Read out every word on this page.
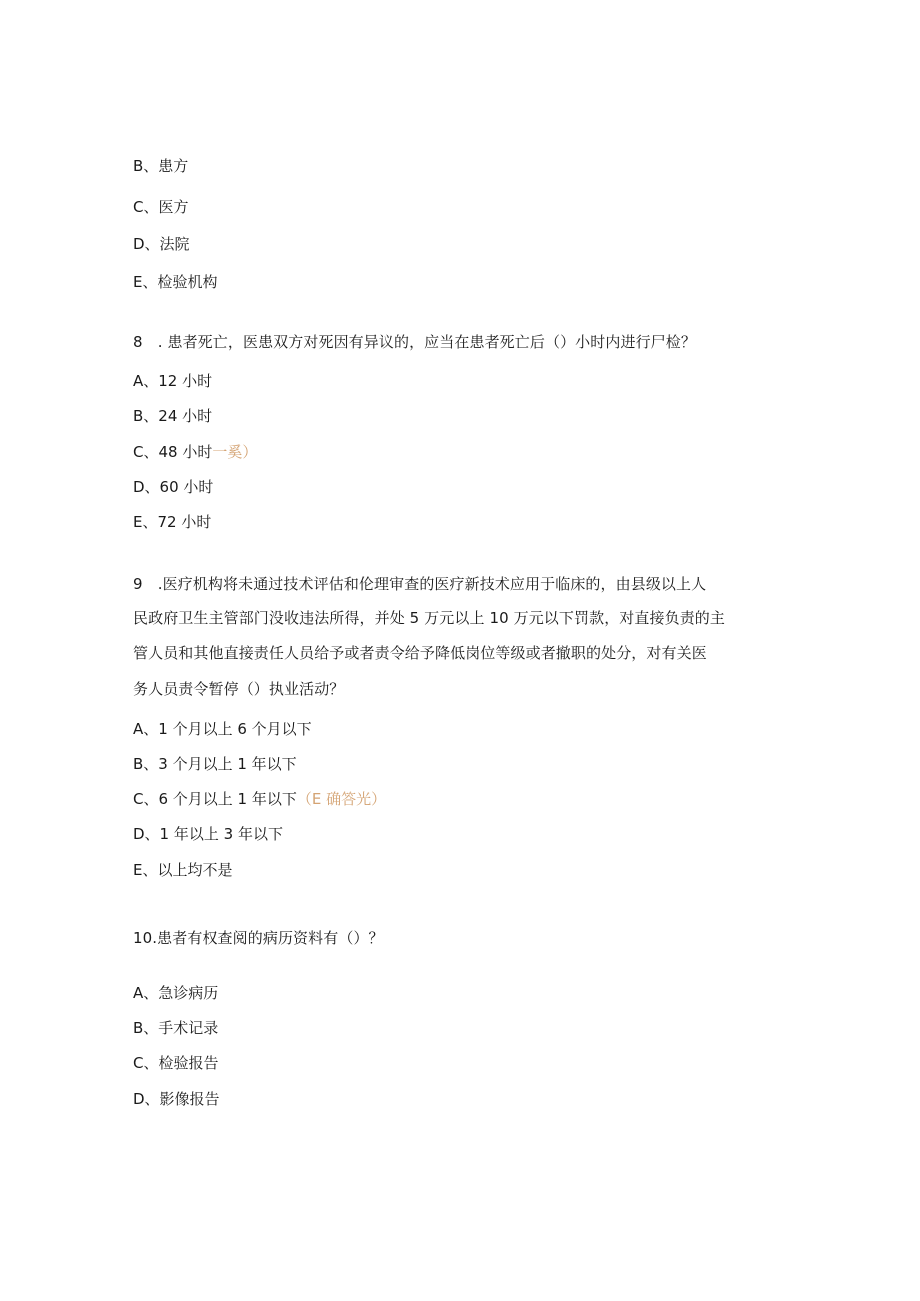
B、患方
C、医方
D、法院
E、检验机构
8　. 患者死亡，医患双方对死因有异议的，应当在患者死亡后（）小时内进行尸检？
A、12 小时
B、24 小时
C、48 小时一奚）
D、60 小时
E、72 小时
9　.医疗机构将未通过技术评估和伦理审查的医疗新技术应用于临床的，由县级以上人
民政府卫生主管部门没收违法所得，并处 5 万元以上 10 万元以下罚款，对直接负责的主
管人员和其他直接责任人员给予或者责令给予降低岗位等级或者撤职的处分，对有关医
务人员责令暂停（）执业活动？
A、1 个月以上 6 个月以下
B、3 个月以上 1 年以下
C、6 个月以上 1 年以下（E 确答光）
D、1 年以上 3 年以下
E、以上均不是
10.患者有权查阅的病历资料有（）？
A、急诊病历
B、手术记录
C、检验报告
D、影像报告
